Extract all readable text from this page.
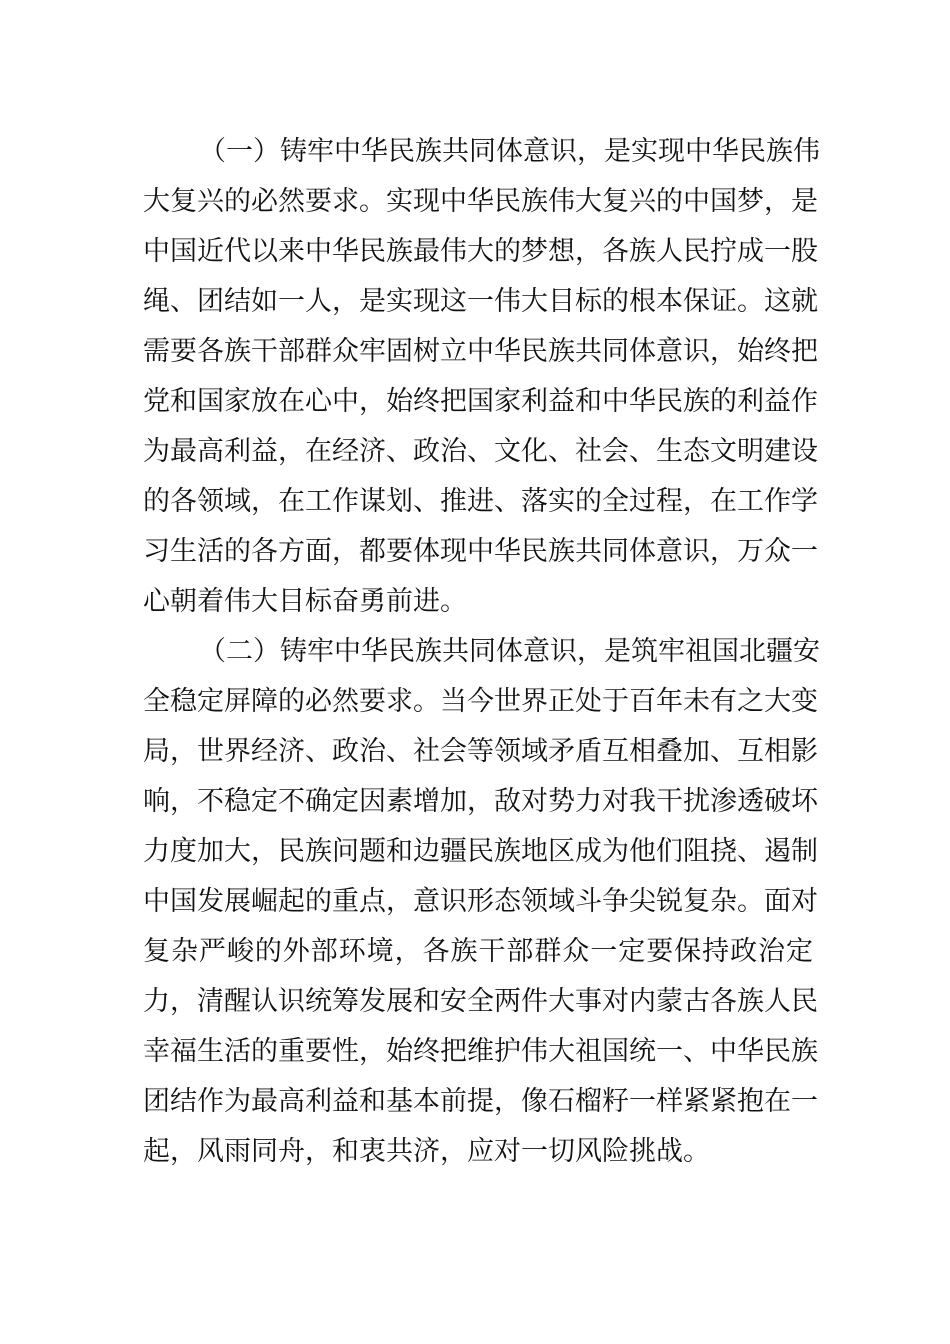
（一）铸牢中华民族共同体意识，是实现中华民族伟
大复兴的必然要求。实现中华民族伟大复兴的中国梦，是
中国近代以来中华民族最伟大的梦想，各族人民拧成一股
绳、团结如一人，是实现这一伟大目标的根本保证。这就
需要各族干部群众牢固树立中华民族共同体意识，始终把
党和国家放在心中，始终把国家利益和中华民族的利益作
为最高利益，在经济、政治、文化、社会、生态文明建设
的各领域，在工作谋划、推进、落实的全过程，在工作学
习生活的各方面，都要体现中华民族共同体意识，万众一
心朝着伟大目标奋勇前进。
（二）铸牢中华民族共同体意识，是筑牢祖国北疆安
全稳定屏障的必然要求。当今世界正处于百年未有之大变
局，世界经济、政治、社会等领域矛盾互相叠加、互相影
响，不稳定不确定因素增加，敌对势力对我干扰渗透破坏
力度加大，民族问题和边疆民族地区成为他们阻挠、遏制
中国发展崛起的重点，意识形态领域斗争尖锐复杂。面对
复杂严峻的外部环境，各族干部群众一定要保持政治定
力，清醒认识统筹发展和安全两件大事对内蒙古各族人民
幸福生活的重要性，始终把维护伟大祖国统一、中华民族
团结作为最高利益和基本前提，像石榴籽一样紧紧抱在一
起，风雨同舟，和衷共济，应对一切风险挑战。
